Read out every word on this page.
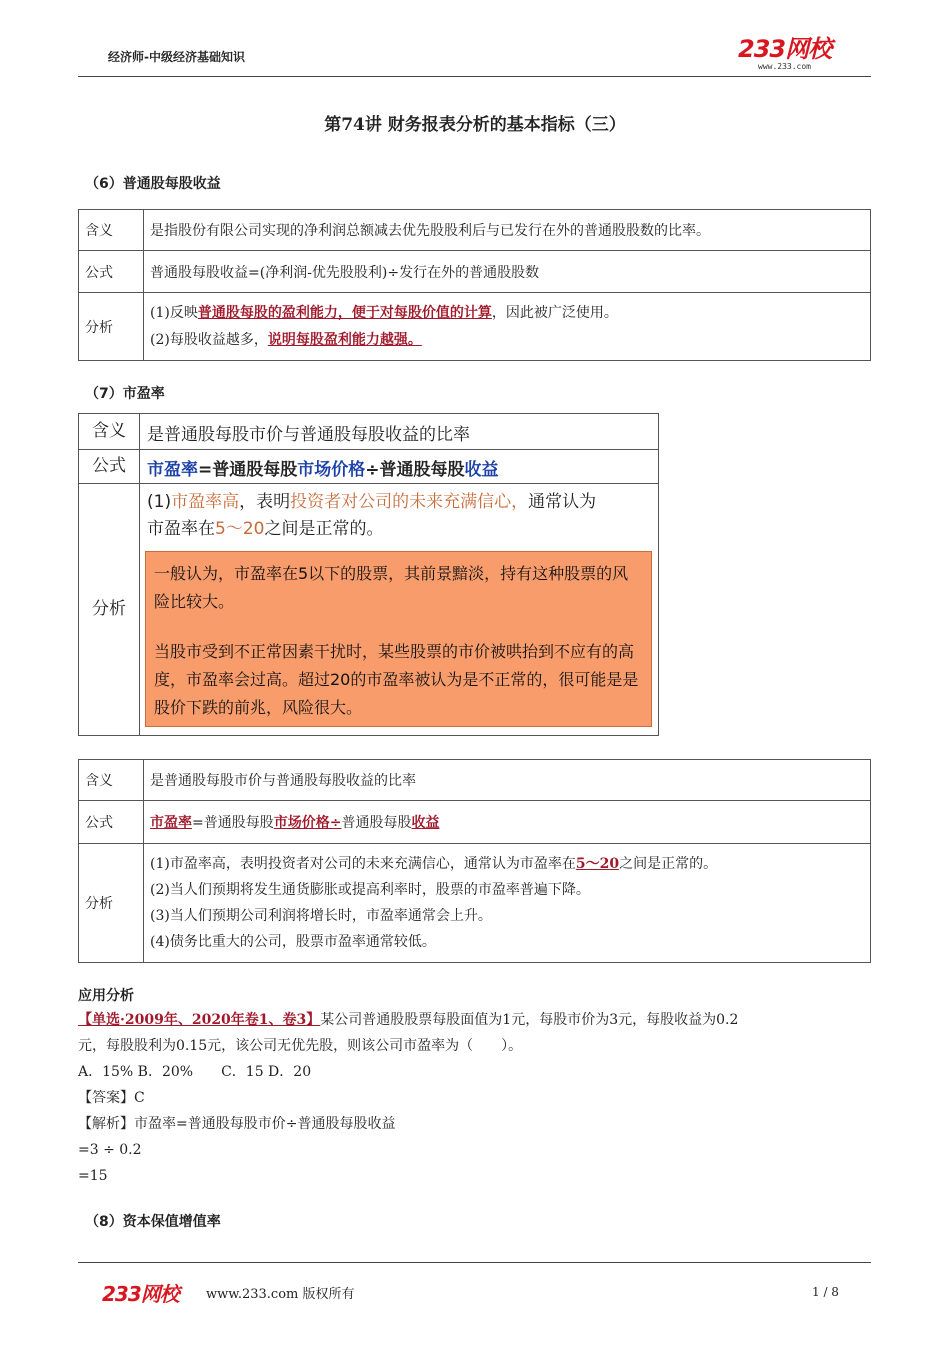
经济师-中级经济基础知识	233网校
www.233.com
第74讲 财务报表分析的基本指标（三）
（6）普通股每股收益
含义	是指股份有限公司实现的净利润总额减去优先股股利后与已发行在外的普通股股数的比率。
公式	普通股每股收益=(净利润-优先股股利)÷发行在外的普通股股数
分析	(1)反映普通股每股的盈利能力，便于对每股价值的计算，因此被广泛使用。
(2)每股收益越多，说明每股盈利能力越强。
（7）市盈率
含义	是普通股每股市价与普通股每股收益的比率
公式	市盈率=普通股每股市场价格÷普通股每股收益
分析
(1)市盈率高，表明投资者对公司的未来充满信心，通常认为
市盈率在5～20之间是正常的。
一般认为，市盈率在5以下的股票，其前景黯淡，持有这种股票的风险比较大。
当股市受到不正常因素干扰时，某些股票的市价被哄抬到不应有的高度，市盈率会过高。超过20的市盈率被认为是不正常的，很可能是是股价下跌的前兆，风险很大。
含义	是普通股每股市价与普通股每股收益的比率
公式	市盈率=普通股每股市场价格÷普通股每股收益
分析	(1)市盈率高，表明投资者对公司的未来充满信心，通常认为市盈率在5～20之间是正常的。
(2)当人们预期将发生通货膨胀或提高利率时，股票的市盈率普遍下降。
(3)当人们预期公司利润将增长时，市盈率通常会上升。
(4)债务比重大的公司，股票市盈率通常较低。
应用分析
【单选·2009年、2020年卷1、卷3】某公司普通股股票每股面值为1元，每股市价为3元，每股收益为0.2
元，每股股利为0.15元，该公司无优先股，则该公司市盈率为（　　）。
A．15% B．20%　　C．15 D．20
【答案】C
【解析】市盈率=普通股每股市价÷普通股每股收益
=3 ÷ 0.2
=15
（8）资本保值增值率
233网校 www.233.com 版权所有	1 / 8
